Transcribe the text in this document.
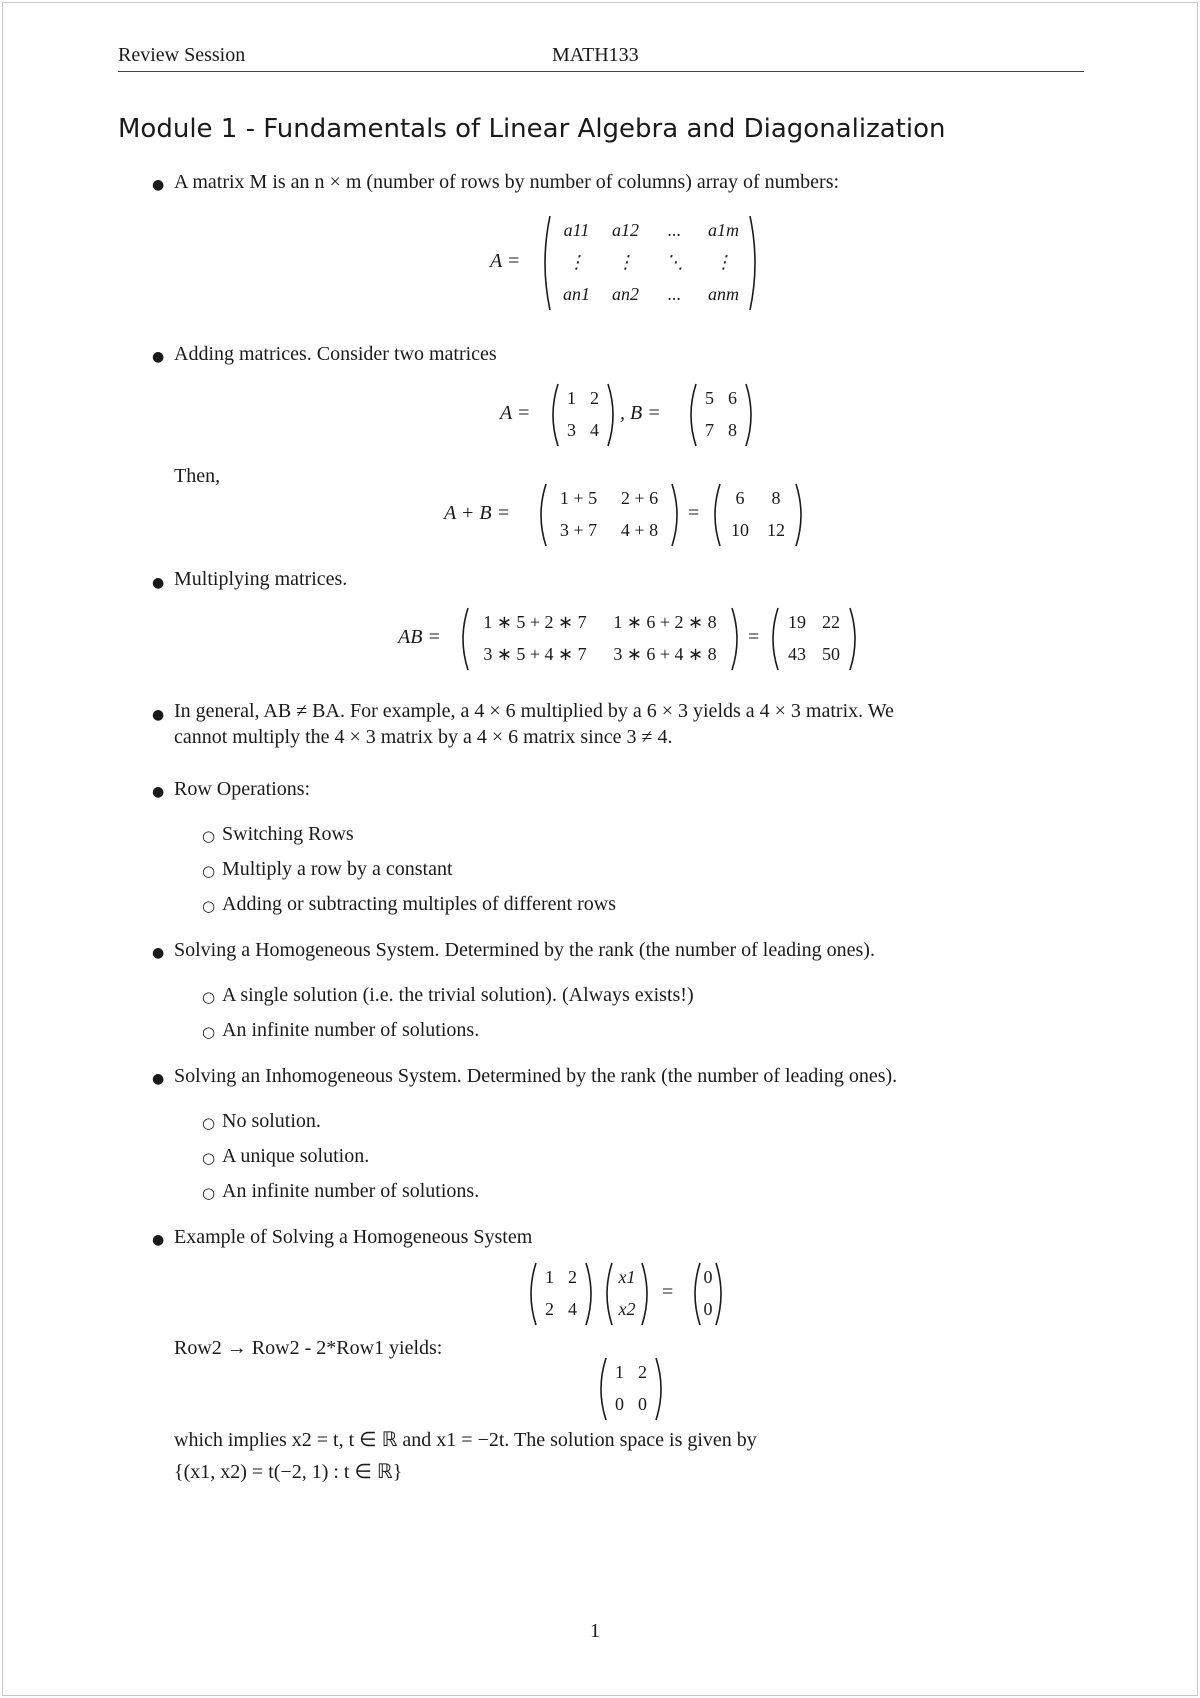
Review Session	MATH133
Module 1 - Fundamentals of Linear Algebra and Diagonalization
● A matrix M is an n × m (number of rows by number of columns) array of numbers:
A =
a11	a12	...	a1m
⋮	⋮	⋱	⋮
an1	an2	...	anm
● Adding matrices. Consider two matrices
A =
1 2
3 4
, B =
5 6
7 8
Then,
A + B =
1 + 5	2 + 6
3 + 7	4 + 8
=
6	8
10	12
● Multiplying matrices.
AB =
1 ∗ 5 + 2 ∗ 7	1 ∗ 6 + 2 ∗ 8
3 ∗ 5 + 4 ∗ 7	3 ∗ 6 + 4 ∗ 8
=
19 22
43 50
● In general, AB ≠ BA. For example, a 4 × 6 multiplied by a 6 × 3 yields a 4 × 3 matrix. We
cannot multiply the 4 × 3 matrix by a 4 × 6 matrix since 3 ≠ 4.
● Row Operations:
○ Switching Rows
○ Multiply a row by a constant
○ Adding or subtracting multiples of different rows
● Solving a Homogeneous System. Determined by the rank (the number of leading ones).
○ A single solution (i.e. the trivial solution). (Always exists!)
○ An infinite number of solutions.
● Solving an Inhomogeneous System. Determined by the rank (the number of leading ones).
○ No solution.
○ A unique solution.
○ An infinite number of solutions.
● Example of Solving a Homogeneous System
1 2
2 4
x1
x2
=
0
0
Row2 → Row2 - 2*Row1 yields:
1 2
0 0
which implies x2 = t, t ∈ ℝ and x1 = −2t. The solution space is given by
{(x1, x2) = t(−2, 1) : t ∈ ℝ}
1
